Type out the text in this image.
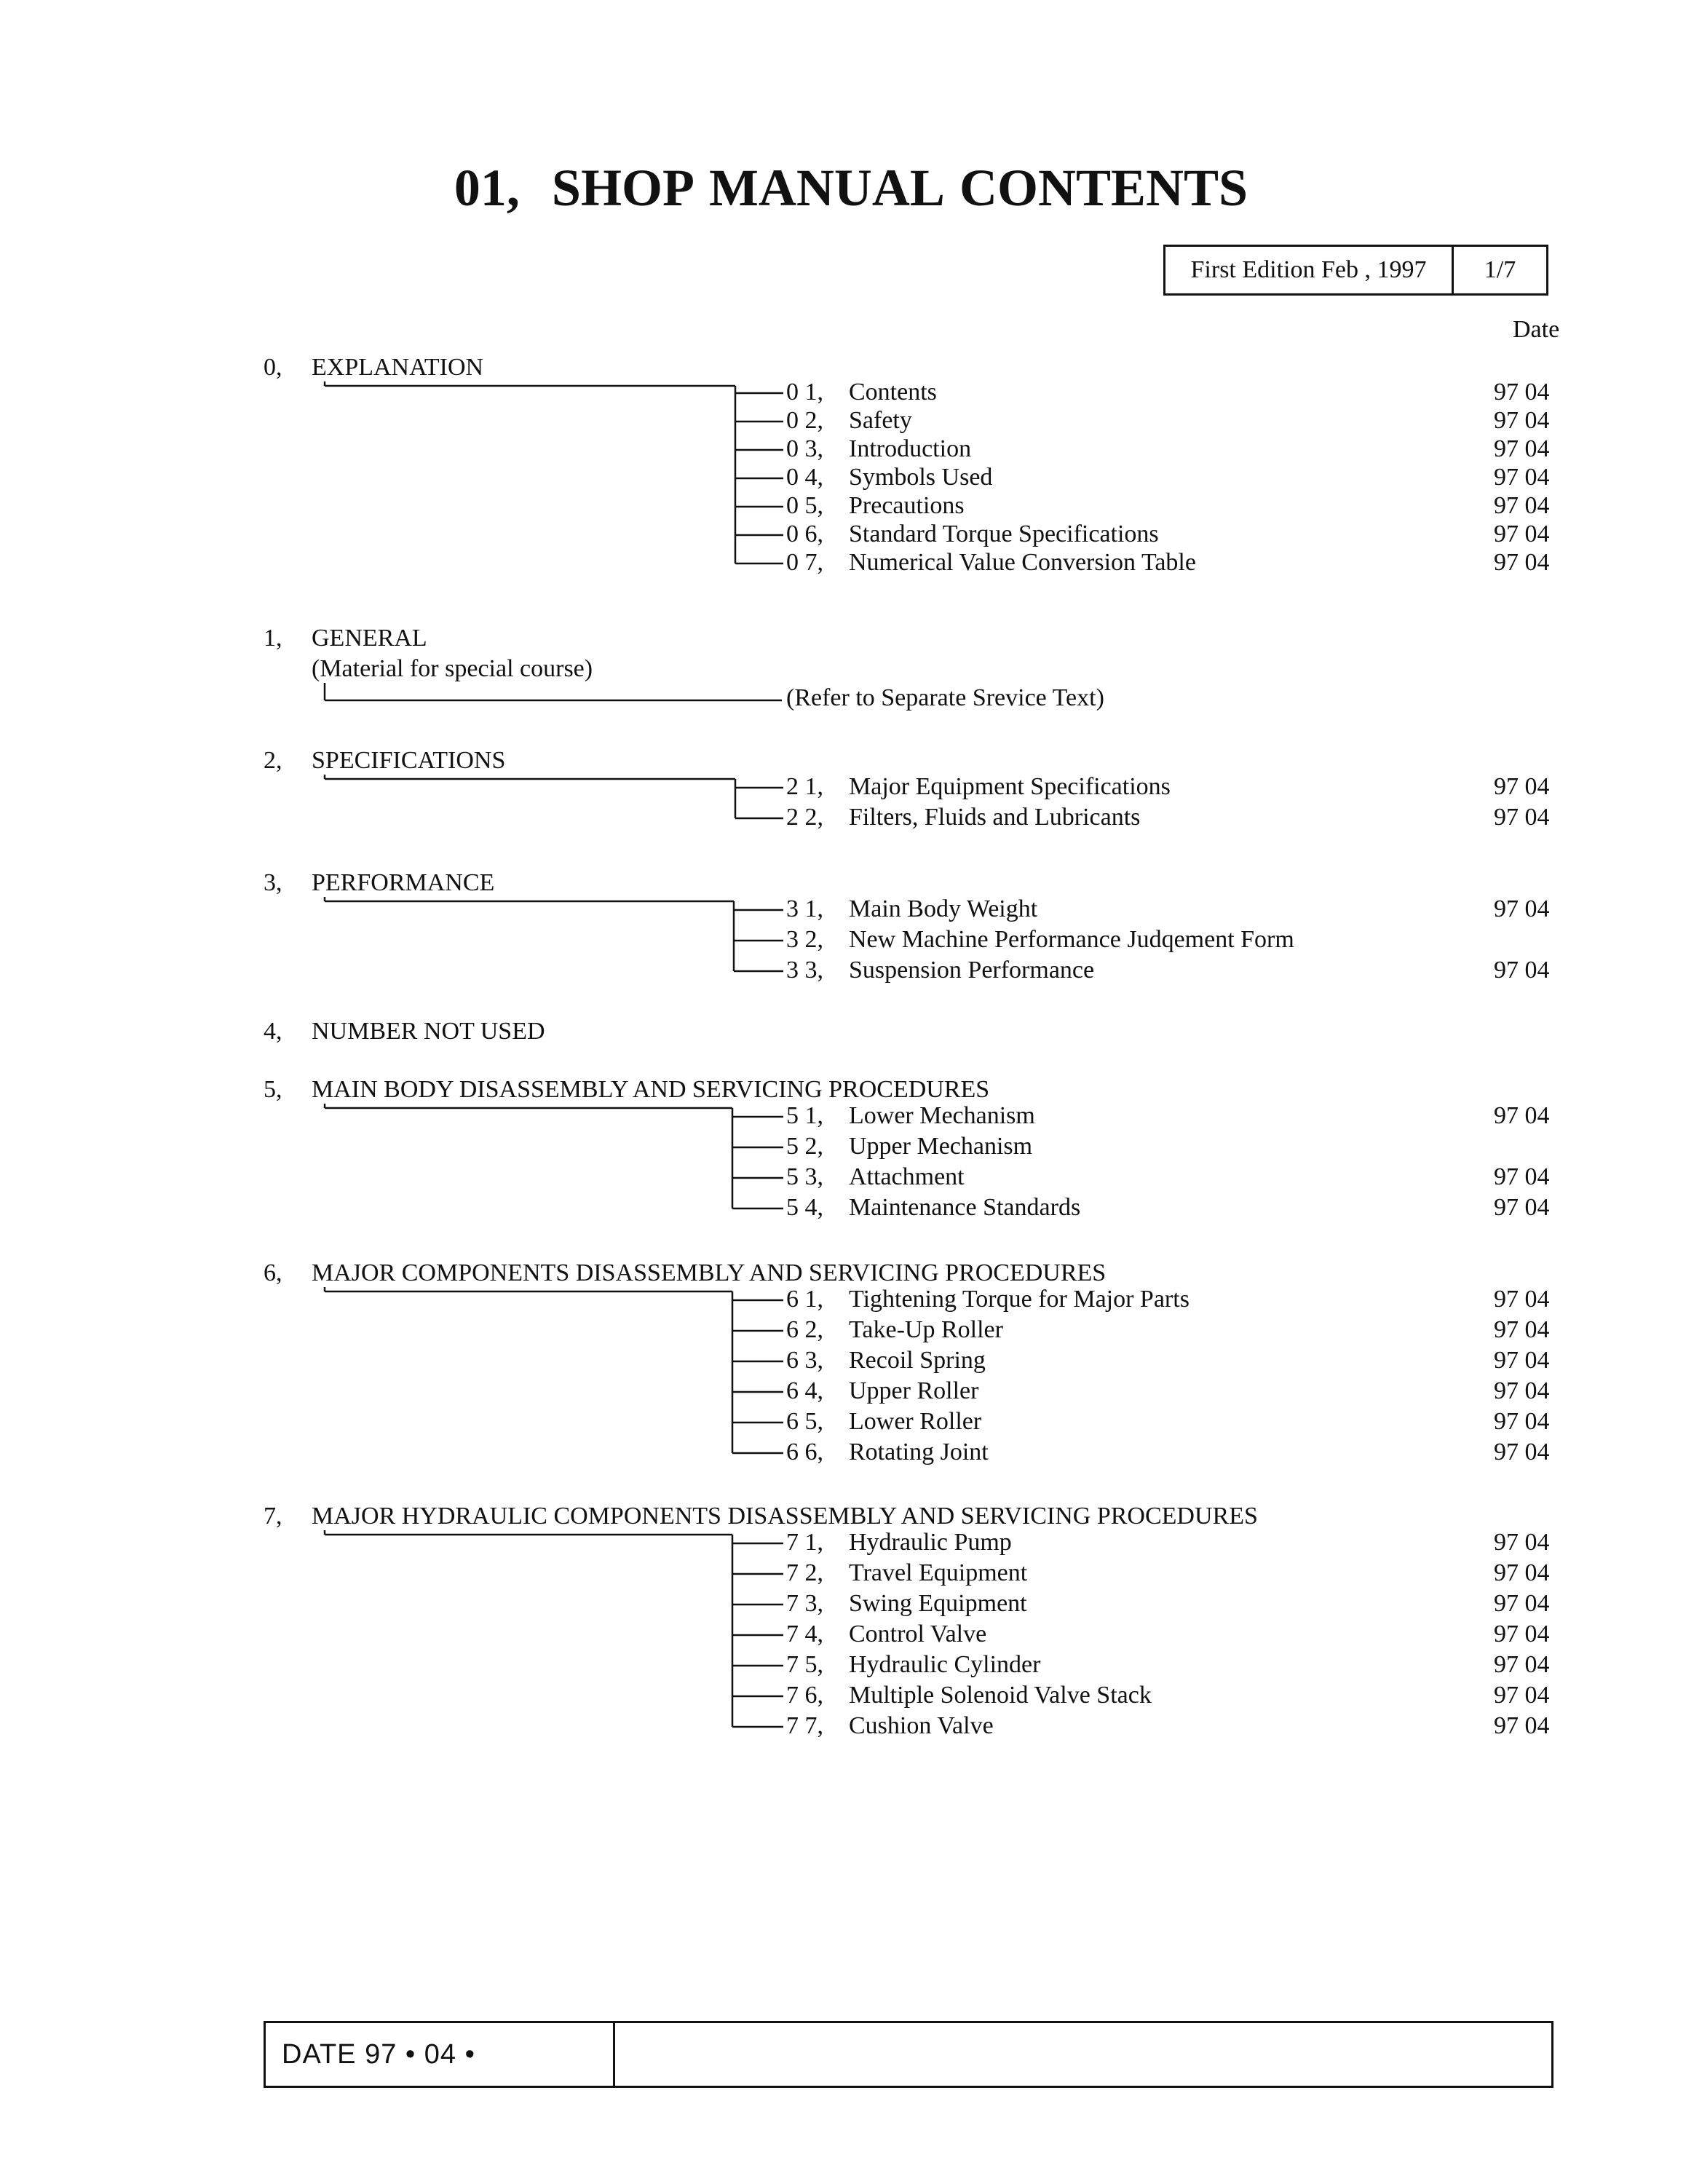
01, SHOP MANUAL CONTENTS
First Edition Feb , 1997	1/7
Date
0, EXPLANATION
0 1, Contents	97 04
0 2, Safety	97 04
0 3, Introduction	97 04
0 4, Symbols Used	97 04
0 5, Precautions	97 04
0 6, Standard Torque Specifications	97 04
0 7, Numerical Value Conversion Table	97 04
1, GENERAL
(Material for special course)
(Refer to Separate Srevice Text)
2, SPECIFICATIONS
2 1, Major Equipment Specifications	97 04
2 2, Filters, Fluids and Lubricants	97 04
3, PERFORMANCE
3 1, Main Body Weight	97 04
3 2, New Machine Performance Judqement Form
3 3, Suspension Performance	97 04
4, NUMBER NOT USED
5, MAIN BODY DISASSEMBLY AND SERVICING PROCEDURES
5 1, Lower Mechanism	97 04
5 2, Upper Mechanism
5 3, Attachment	97 04
5 4, Maintenance Standards	97 04
6, MAJOR COMPONENTS DISASSEMBLY AND SERVICING PROCEDURES
6 1, Tightening Torque for Major Parts	97 04
6 2, Take-Up Roller	97 04
6 3, Recoil Spring	97 04
6 4, Upper Roller	97 04
6 5, Lower Roller	97 04
6 6, Rotating Joint	97 04
7, MAJOR HYDRAULIC COMPONENTS DISASSEMBLY AND SERVICING PROCEDURES
7 1, Hydraulic Pump	97 04
7 2, Travel Equipment	97 04
7 3, Swing Equipment	97 04
7 4, Control Valve	97 04
7 5, Hydraulic Cylinder	97 04
7 6, Multiple Solenoid Valve Stack	97 04
7 7, Cushion Valve	97 04
DATE 97 • 04 •
